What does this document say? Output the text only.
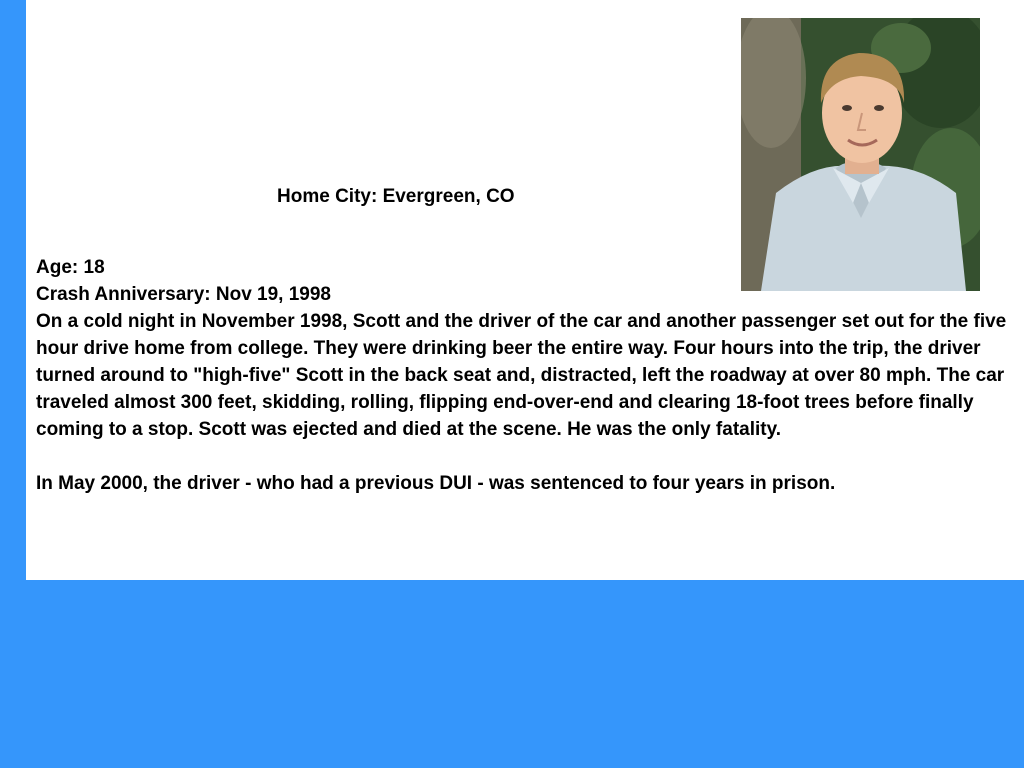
Home City: Evergreen, CO

Age: 18

Crash Anniversary: Nov 19, 1998

On a cold night in November 1998, Scott and the driver of the car and another passenger set out for the five hour drive home from college. They were drinking beer the entire way. Four hours into the trip, the driver turned around to "high-five" Scott in the back seat and, distracted, left the roadway at over 80 mph. The car traveled almost 300 feet, skidding, rolling, flipping end-over-end and clearing 18-foot trees before finally coming to a stop. Scott was ejected and died at the scene. He was the only fatality.

In May 2000, the driver - who had a previous DUI - was sentenced to four years in prison.
